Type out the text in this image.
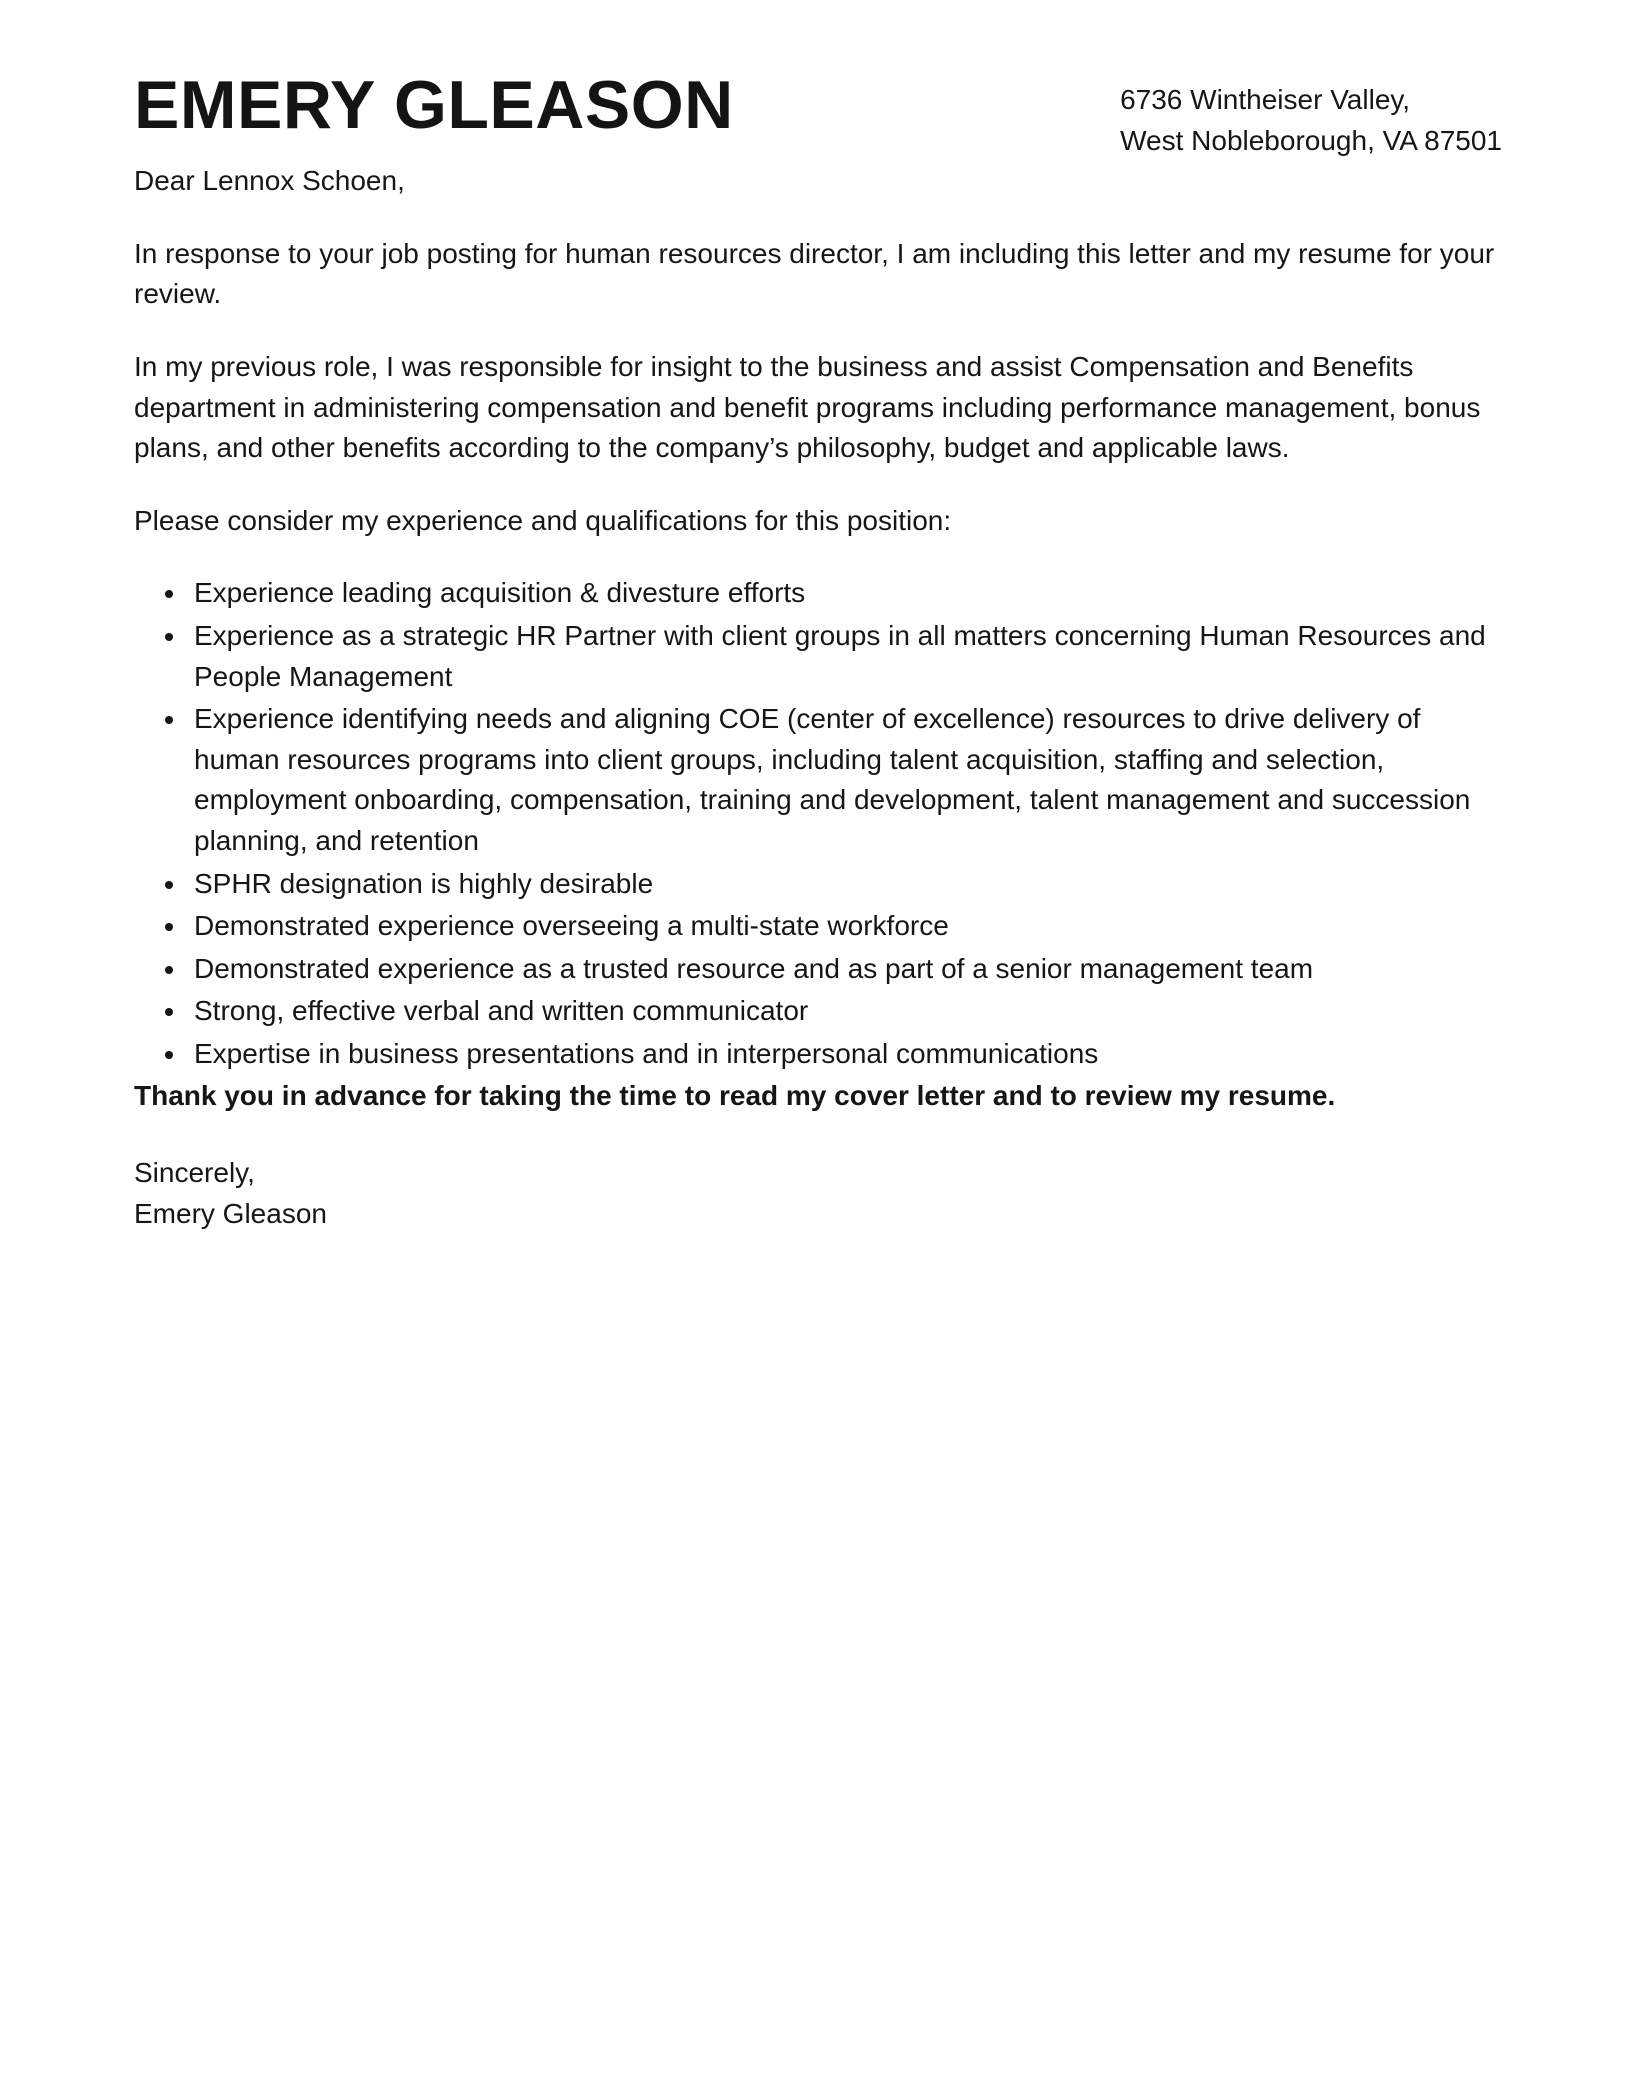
EMERY GLEASON	6736 Wintheiser Valley,
West Nobleborough, VA 87501

Dear Lennox Schoen,

In response to your job posting for human resources director, I am including this letter and my resume for your review.

In my previous role, I was responsible for insight to the business and assist Compensation and Benefits department in administering compensation and benefit programs including performance management, bonus plans, and other benefits according to the company’s philosophy, budget and applicable laws.

Please consider my experience and qualifications for this position:

• Experience leading acquisition & divesture efforts
• Experience as a strategic HR Partner with client groups in all matters concerning Human Resources and People Management
• Experience identifying needs and aligning COE (center of excellence) resources to drive delivery of human resources programs into client groups, including talent acquisition, staffing and selection, employment onboarding, compensation, training and development, talent management and succession planning, and retention
• SPHR designation is highly desirable
• Demonstrated experience overseeing a multi-state workforce
• Demonstrated experience as a trusted resource and as part of a senior management team
• Strong, effective verbal and written communicator
• Expertise in business presentations and in interpersonal communications

Thank you in advance for taking the time to read my cover letter and to review my resume.

Sincerely,
Emery Gleason
